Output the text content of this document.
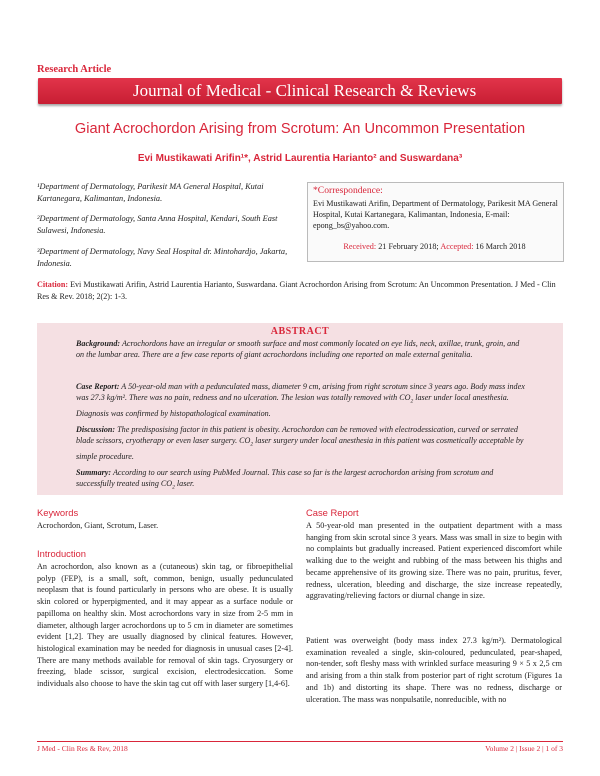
Research Article
Journal of Medical - Clinical Research & Reviews
Giant Acrochordon Arising from Scrotum: An Uncommon Presentation
Evi Mustikawati Arifin¹*, Astrid Laurentia Harianto² and Suswardana³
¹Department of Dermatology, Parikesit MA General Hospital, Kutai Kartanegara, Kalimantan, Indonesia.
²Department of Dermatology, Santa Anna Hospital, Kendari, South East Sulawesi, Indonesia.
³Department of Dermatology, Navy Seal Hospital dr. Mintohardjo, Jakarta, Indonesia.
*Correspondence:
Evi Mustikawati Arifin, Department of Dermatology, Parikesit MA General Hospital, Kutai Kartanegara, Kalimantan, Indonesia, E-mail: epong_bs@yahoo.com.
Received: 21 February 2018; Accepted: 16 March 2018
Citation: Evi Mustikawati Arifin, Astrid Laurentia Harianto, Suswardana. Giant Acrochordon Arising from Scrotum: An Uncommon Presentation. J Med - Clin Res & Rev. 2018; 2(2): 1-3.
ABSTRACT
Background: Acrochordons have an irregular or smooth surface and most commonly located on eye lids, neck, axillae, trunk, groin, and on the lumbar area. There are a few case reports of giant acrochordons including one reported on male external genitalia.
Case Report: A 50-year-old man with a pedunculated mass, diameter 9 cm, arising from right scrotum since 3 years ago. Body mass index was 27.3 kg/m². There was no pain, redness and no ulceration. The lesion was totally removed with $CO_2$ laser under local anesthesia. Diagnosis was confirmed by histopathological examination.
Discussion: The predisposising factor in this patient is obesity. Acrochordon can be removed with electrodessication, curved or serrated blade scissors, cryotherapy or even laser surgery. $CO_2$ laser surgery under local anesthesia in this patient was cosmetically acceptable by simple procedure.
Summary: According to our search using PubMed Journal. This case so far is the largest acrochordon arising from scrotum and successfully treated using $CO_2$ laser.
Keywords
Acrochordon, Giant, Scrotum, Laser.
Introduction
An acrochordon, also known as a (cutaneous) skin tag, or fibroepithelial polyp (FEP), is a small, soft, common, benign, usually pedunculated neoplasm that is found particularly in persons who are obese. It is usually skin colored or hyperpigmented, and it may appear as a surface nodule or papilloma on healthy skin. Most acrochordons vary in size from 2-5 mm in diameter, although larger acrochordons up to 5 cm in diameter are sometimes evident [1,2]. They are usually diagnosed by clinical features. However, histological examination may be needed for diagnosis in unusual cases [2-4]. There are many methods available for removal of skin tags. Cryosurgery or freezing, blade scissor, surgical excision, electrodesiccation. Some individuals also choose to have the skin tag cut off with laser surgery [1,4-6].
Case Report
A 50-year-old man presented in the outpatient department with a mass hanging from skin scrotal since 3 years. Mass was small in size to begin with no complaints but gradually increased. Patient experienced discomfort while walking due to the weight and rubbing of the mass between his thighs and became apprehensive of its growing size. There was no pain, pruritus, fever, redness, ulceration, bleeding and discharge, the size increase repeatedly, aggravating/relieving factors or diurnal change in size.
Patient was overweight (body mass index 27.3 kg/m²). Dermatological examination revealed a single, skin-coloured, pedunculated, pear-shaped, non-tender, soft fleshy mass with wrinkled surface measuring 9 × 5 x 2,5 cm and arising from a thin stalk from posterior part of right scrotum (Figures 1a and 1b) and distorting its shape. There was no redness, discharge or ulceration. The mass was nonpulsatile, nonreducible, with no
J Med - Clin Res & Rev, 2018	Volume 2 | Issue 2 | 1 of 3
